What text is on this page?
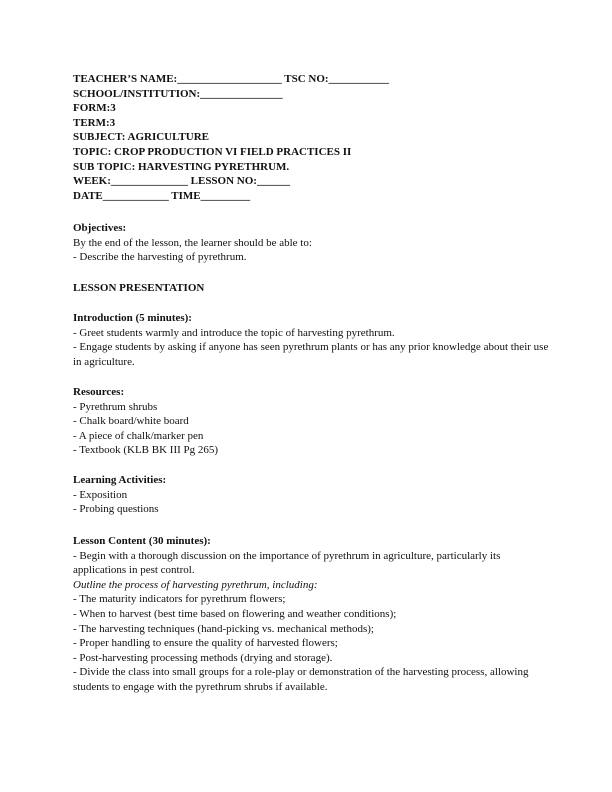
TEACHER’S NAME:___________________ TSC NO:___________
SCHOOL/INSTITUTION:_______________
FORM:3
TERM:3
SUBJECT: AGRICULTURE
TOPIC: CROP PRODUCTION VI FIELD PRACTICES II
SUB TOPIC: HARVESTING PYRETHRUM.
WEEK:______________ LESSON NO:______
DATE____________ TIME_________
Objectives:
By the end of the lesson, the learner should be able to:
- Describe the harvesting of pyrethrum.
LESSON PRESENTATION
Introduction (5 minutes):
- Greet students warmly and introduce the topic of harvesting pyrethrum.
- Engage students by asking if anyone has seen pyrethrum plants or has any prior knowledge about their use in agriculture.
Resources:
- Pyrethrum shrubs
- Chalk board/white board
- A piece of chalk/marker pen
- Textbook (KLB BK III Pg 265)
Learning Activities:
- Exposition
- Probing questions
Lesson Content (30 minutes):
- Begin with a thorough discussion on the importance of pyrethrum in agriculture, particularly its applications in pest control.
Outline the process of harvesting pyrethrum, including:
- The maturity indicators for pyrethrum flowers;
- When to harvest (best time based on flowering and weather conditions);
- The harvesting techniques (hand-picking vs. mechanical methods);
- Proper handling to ensure the quality of harvested flowers;
- Post-harvesting processing methods (drying and storage).
- Divide the class into small groups for a role-play or demonstration of the harvesting process, allowing students to engage with the pyrethrum shrubs if available.
